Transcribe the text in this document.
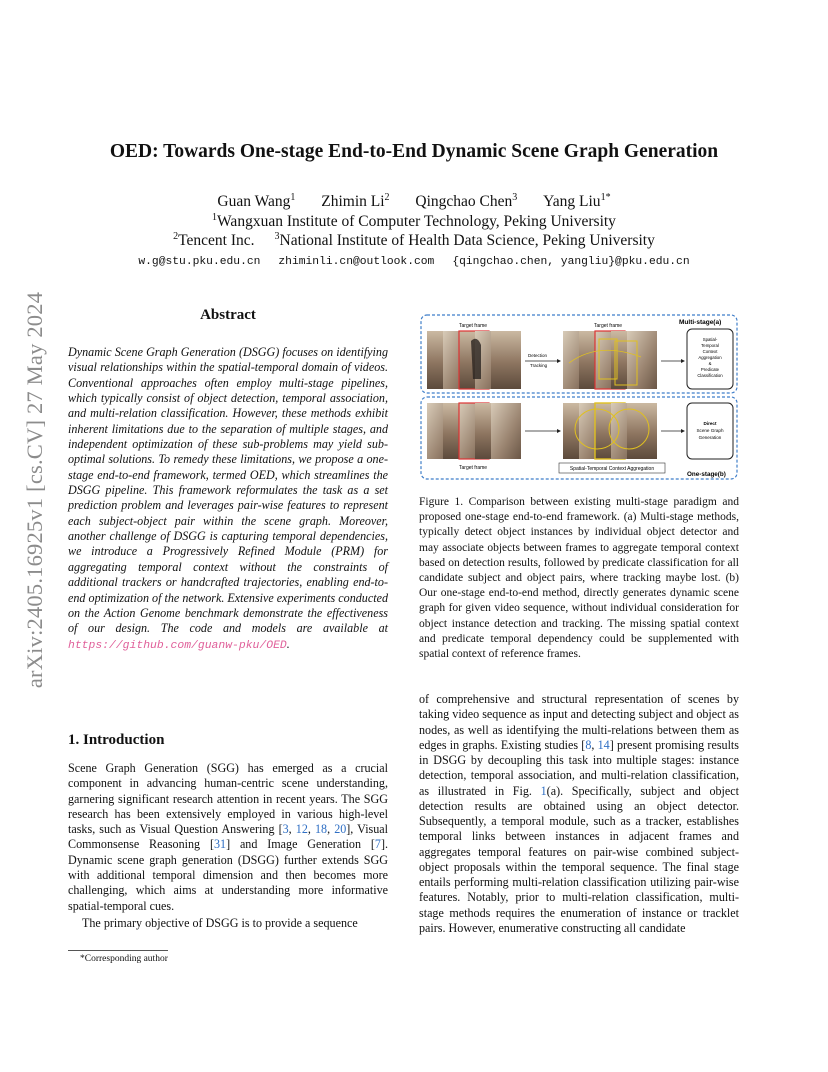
arXiv:2405.16925v1 [cs.CV] 27 May 2024
OED: Towards One-stage End-to-End Dynamic Scene Graph Generation
Guan Wang$^1$ Zhimin Li$^2$ Qingchao Chen$^3$ Yang Liu$^{1*}$
$^1$Wangxuan Institute of Computer Technology, Peking University
$^2$Tencent Inc. $^3$National Institute of Health Data Science, Peking University
w.g@stu.pku.edu.cn zhiminli.cn@outlook.com {qingchao.chen, yangliu}@pku.edu.cn
Abstract
Dynamic Scene Graph Generation (DSGG) focuses on identifying visual relationships within the spatial-temporal domain of videos. Conventional approaches often employ multi-stage pipelines, which typically consist of object detection, temporal association, and multi-relation classification. However, these methods exhibit inherent limitations due to the separation of multiple stages, and independent optimization of these sub-problems may yield sub-optimal solutions. To remedy these limitations, we propose a one-stage end-to-end framework, termed OED, which streamlines the DSGG pipeline. This framework reformulates the task as a set prediction problem and leverages pair-wise features to represent each subject-object pair within the scene graph. Moreover, another challenge of DSGG is capturing temporal dependencies, we introduce a Progressively Refined Module (PRM) for aggregating temporal context without the constraints of additional trackers or handcrafted trajectories, enabling end-to-end optimization of the network. Extensive experiments conducted on the Action Genome benchmark demonstrate the effectiveness of our design. The code and models are available at https://github.com/guanw-pku/OED.
1. Introduction

Scene Graph Generation (SGG) has emerged as a crucial component in advancing human-centric scene understanding, garnering significant research attention in recent years. The SGG research has been extensively employed in various high-level tasks, such as Visual Question Answering [3, 12, 18, 20], Visual Commonsense Reasoning [31] and Image Generation [7]. Dynamic scene graph generation (DSGG) further extends SGG with additional temporal dimension and then becomes more challenging, which aims at understanding more informative spatial-temporal cues.

The primary objective of DSGG is to provide a sequence

*Corresponding author
Multi-stage(a)
Target frame	Target frame
Detection
Tracking
Spatial-
Temporal
Context
Aggregation
&
Predicate
Classification
Target frame	Spatial-Temporal Context Aggregation
Direct
Scene Graph
Generation
One-stage(b)
Figure 1. Comparison between existing multi-stage paradigm and proposed one-stage end-to-end framework. (a) Multi-stage methods, typically detect object instances by individual object detector and may associate objects between frames to aggregate temporal context based on detection results, followed by predicate classification for all candidate subject and object pairs, where tracking maybe lost. (b) Our one-stage end-to-end method, directly generates dynamic scene graph for given video sequence, without individual consideration for object instance detection and tracking. The missing spatial context and predicate temporal dependency could be supplemented with spatial context of reference frames.
of comprehensive and structural representation of scenes by taking video sequence as input and detecting subject and object as nodes, as well as identifying the multi-relations between them as edges in graphs. Existing studies [8, 14] present promising results in DSGG by decoupling this task into multiple stages: instance detection, temporal association, and multi-relation classification, as illustrated in Fig. 1(a). Specifically, subject and object detection results are obtained using an object detector. Subsequently, a temporal module, such as a tracker, establishes temporal links between instances in adjacent frames and aggregates temporal features on pair-wise combined subject-object proposals within the temporal sequence. The final stage entails performing multi-relation classification utilizing pair-wise features. Notably, prior to multi-relation classification, multi-stage methods requires the enumeration of instance or tracklet pairs. However, enumerative constructing all candidate
